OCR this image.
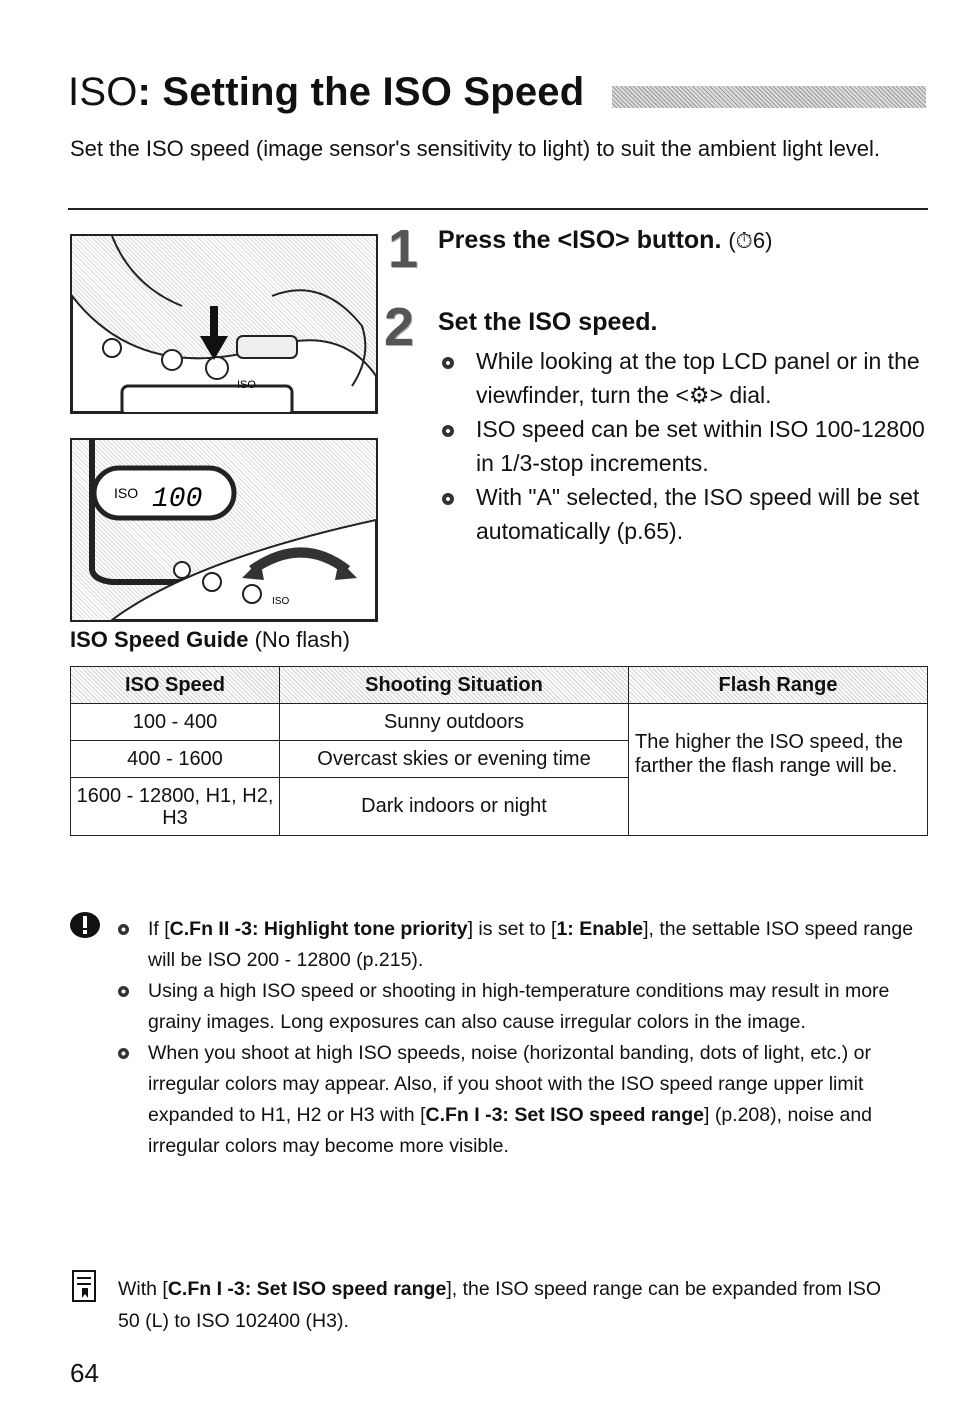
ISO: Setting the ISO Speed
Set the ISO speed (image sensor's sensitivity to light) to suit the ambient light level.
ISO
ISO 100
ISO
1 Press the <ISO> button. (⏱6)
2 Set the ISO speed.
While looking at the top LCD panel or in the viewfinder, turn the <⚙> dial.
ISO speed can be set within ISO 100-12800 in 1/3-stop increments.
With "A" selected, the ISO speed will be set automatically (p.65).
ISO Speed Guide (No flash)
ISO Speed	Shooting Situation	Flash Range
100 - 400	Sunny outdoors	The higher the ISO speed, the farther the flash range will be.
400 - 1600	Overcast skies or evening time	
1600 - 12800, H1, H2, H3	Dark indoors or night	
If [C.Fn II -3: Highlight tone priority] is set to [1: Enable], the settable ISO speed range will be ISO 200 - 12800 (p.215).
Using a high ISO speed or shooting in high-temperature conditions may result in more grainy images. Long exposures can also cause irregular colors in the image.
When you shoot at high ISO speeds, noise (horizontal banding, dots of light, etc.) or irregular colors may appear. Also, if you shoot with the ISO speed range upper limit expanded to H1, H2 or H3 with [C.Fn I -3: Set ISO speed range] (p.208), noise and irregular colors may become more visible.
With [C.Fn I -3: Set ISO speed range], the ISO speed range can be expanded from ISO 50 (L) to ISO 102400 (H3).
64
